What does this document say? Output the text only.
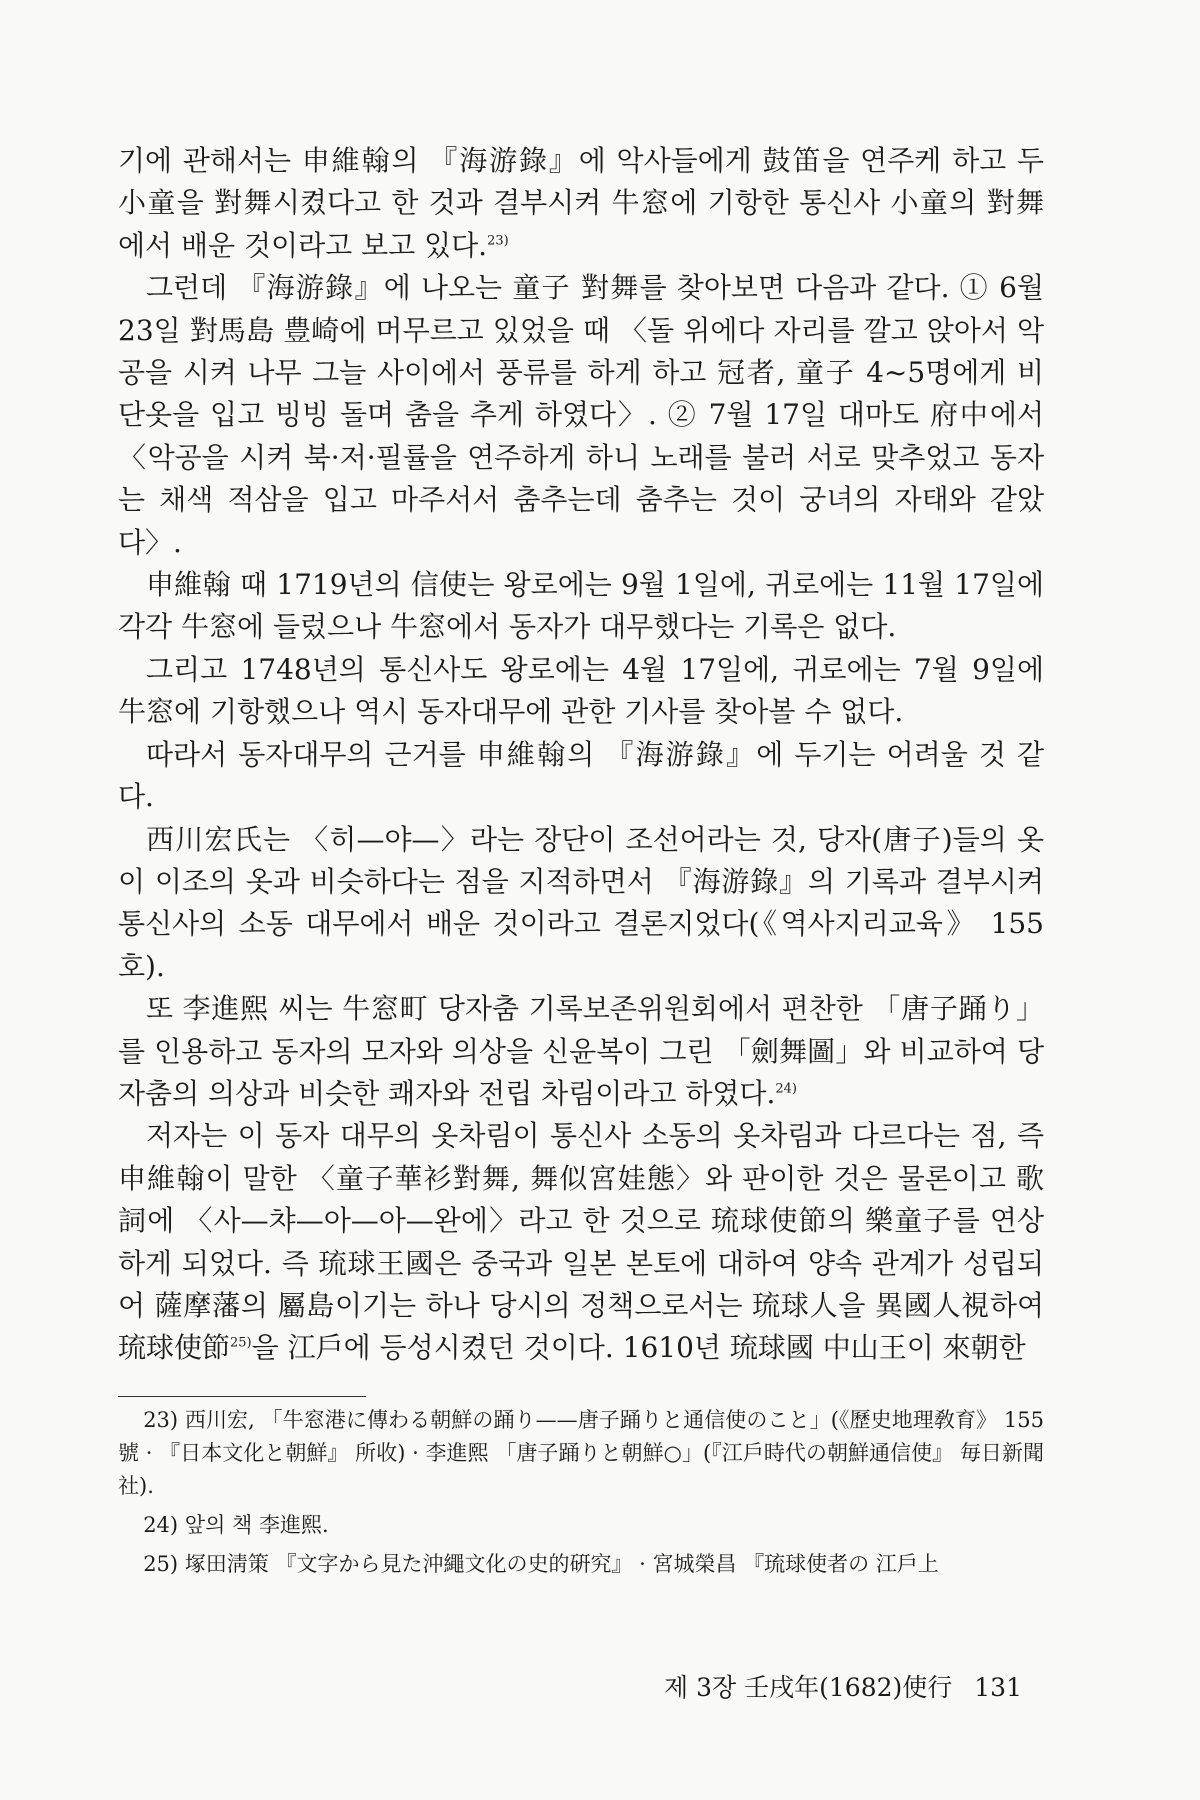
기에 관해서는 申維翰의 『海游錄』에 악사들에게 鼓笛을 연주케 하고 두 小童을 對舞시켰다고 한 것과 결부시켜 牛窓에 기항한 통신사 小童의 對舞에서 배운 것이라고 보고 있다.$^{23)}$

그런데 『海游錄』에 나오는 童子 對舞를 찾아보면 다음과 같다. ① 6월 23일 對馬島 豊崎에 머무르고 있었을 때 〈돌 위에다 자리를 깔고 앉아서 악공을 시켜 나무 그늘 사이에서 풍류를 하게 하고 冠者, 童子 4~5명에게 비단옷을 입고 빙빙 돌며 춤을 추게 하였다〉. ② 7월 17일 대마도 府中에서 〈악공을 시켜 북·저·필률을 연주하게 하니 노래를 불러 서로 맞추었고 동자는 채색 적삼을 입고 마주서서 춤추는데 춤추는 것이 궁녀의 자태와 같았다〉.

申維翰 때 1719년의 信使는 왕로에는 9월 1일에, 귀로에는 11월 17일에 각각 牛窓에 들렀으나 牛窓에서 동자가 대무했다는 기록은 없다.

그리고 1748년의 통신사도 왕로에는 4월 17일에, 귀로에는 7월 9일에 牛窓에 기항했으나 역시 동자대무에 관한 기사를 찾아볼 수 없다.

따라서 동자대무의 근거를 申維翰의 『海游錄』에 두기는 어려울 것 같다.

西川宏氏는 〈히—야—〉라는 장단이 조선어라는 것, 당자(唐子)들의 옷이 이조의 옷과 비슷하다는 점을 지적하면서 『海游錄』의 기록과 결부시켜 통신사의 소동 대무에서 배운 것이라고 결론지었다(《역사지리교육》 155호).

또 李進熙 씨는 牛窓町 당자춤 기록보존위원회에서 편찬한 「唐子踊り」를 인용하고 동자의 모자와 의상을 신윤복이 그린 「劍舞圖」와 비교하여 당자춤의 의상과 비슷한 쾌자와 전립 차림이라고 하였다.$^{24)}$

저자는 이 동자 대무의 옷차림이 통신사 소동의 옷차림과 다르다는 점, 즉 申維翰이 말한 〈童子華衫對舞, 舞似宮娃態〉와 판이한 것은 물론이고 歌詞에 〈사—챠—아—아—완에〉라고 한 것으로 琉球使節의 樂童子를 연상하게 되었다. 즉 琉球王國은 중국과 일본 본토에 대하여 양속 관계가 성립되어 薩摩藩의 屬島이기는 하나 당시의 정책으로서는 琉球人을 異國人視하여 琉球使節$^{25)}$을 江戶에 등성시켰던 것이다. 1610년 琉球國 中山王이 來朝한

23) 西川宏, 「牛窓港に傳わる朝鮮の踊り——唐子踊りと通信使のこと」(《歷史地理敎育》 155號 · 『日本文化と朝鮮』 所收) · 李進熙 「唐子踊りと朝鮮○」(『江戶時代の朝鮮通信使』 毎日新聞社).

24) 앞의 책 李進熙.

25) 塚田淸策 『文字から見た沖繩文化の史的硏究』 · 宮城榮昌 『琉球使者の 江戶上

제 3장 壬戌年(1682)使行 131
